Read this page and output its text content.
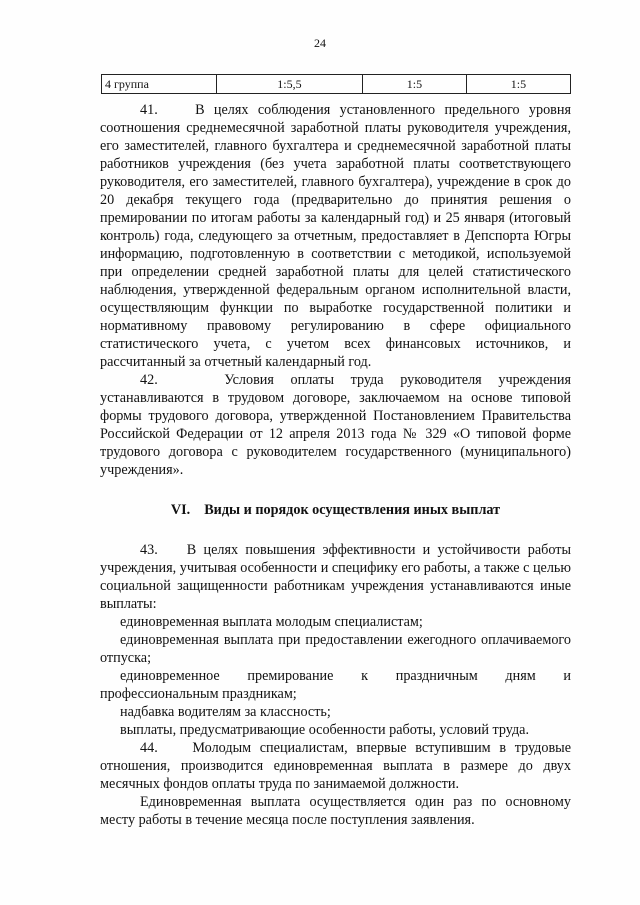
24
4 группа	1:5,5	1:5	1:5

41.	В целях соблюдения установленного предельного уровня соотношения среднемесячной заработной платы руководителя учреждения, его заместителей, главного бухгалтера и среднемесячной заработной платы работников учреждения (без учета заработной платы соответствующего руководителя, его заместителей, главного бухгалтера), учреждение в срок до 20 декабря текущего года (предварительно до принятия решения о премировании по итогам работы за календарный год) и 25 января (итоговый контроль) года, следующего за отчетным, предоставляет в Депспорта Югры информацию, подготовленную в соответствии с методикой, используемой при определении средней заработной платы для целей статистического наблюдения, утвержденной федеральным органом исполнительной власти, осуществляющим функции по выработке государственной политики и нормативному правовому регулированию в сфере официального статистического учета, с учетом всех финансовых источников, и рассчитанный за отчетный календарный год.

42.	Условия оплаты труда руководителя учреждения устанавливаются в трудовом договоре, заключаемом на основе типовой формы трудового договора, утвержденной Постановлением Правительства Российской Федерации от 12 апреля 2013 года № 329 «О типовой форме трудового договора с руководителем государственного (муниципального) учреждения».

VI. Виды и порядок осуществления иных выплат

43. В целях повышения эффективности и устойчивости работы учреждения, учитывая особенности и специфику его работы, а также с целью социальной защищенности работникам учреждения устанавливаются иные выплаты:

единовременная выплата молодым специалистам;

единовременная выплата при предоставлении ежегодного оплачиваемого отпуска;

единовременное премирование к праздничным дням и профессиональным праздникам;

надбавка водителям за классность;

выплаты, предусматривающие особенности работы, условий труда.

44. Молодым специалистам, впервые вступившим в трудовые отношения, производится единовременная выплата в размере до двух месячных фондов оплаты труда по занимаемой должности.

Единовременная выплата осуществляется один раз по основному месту работы в течение месяца после поступления заявления.
